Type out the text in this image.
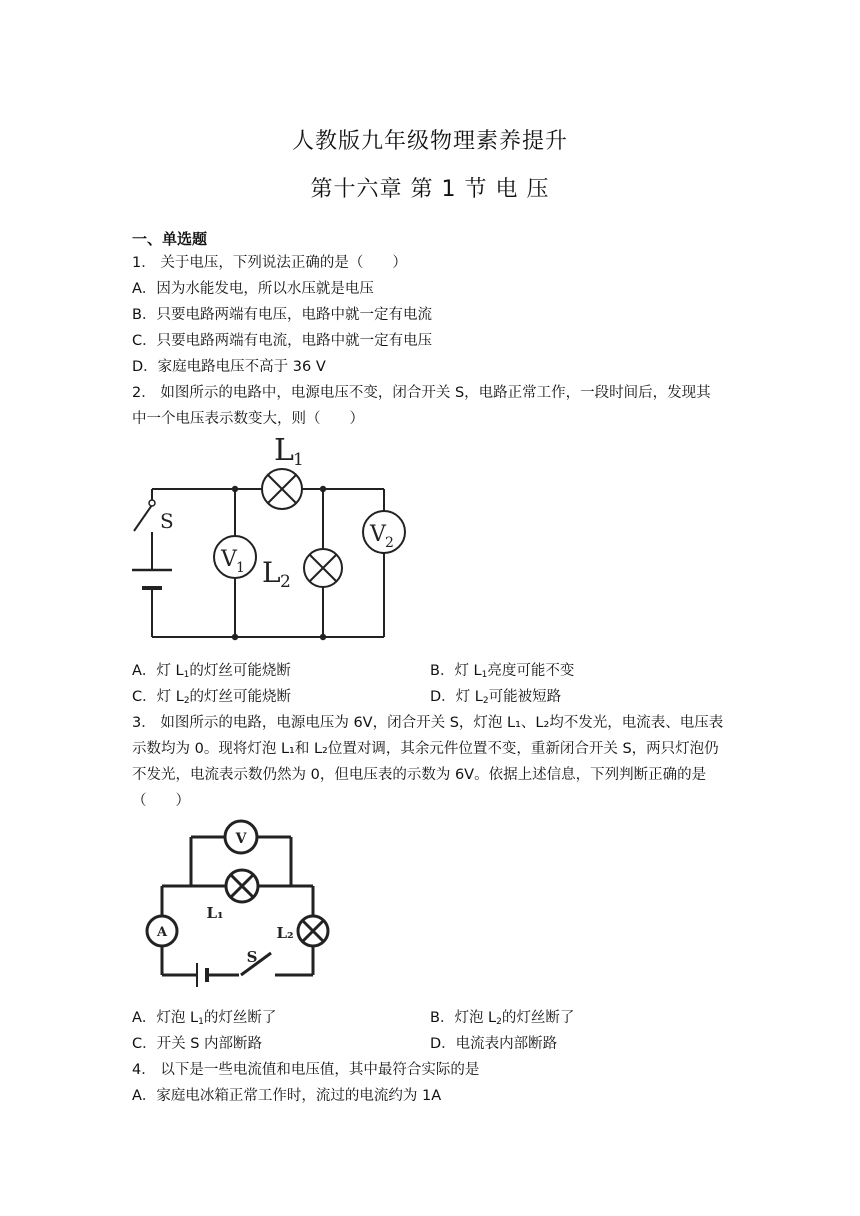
人教版九年级物理素养提升
第十六章 第 1 节 电 压
一、单选题
1． 关于电压，下列说法正确的是（　　）
A．因为水能发电，所以水压就是电压
B．只要电路两端有电压，电路中就一定有电流
C．只要电路两端有电流，电路中就一定有电压
D．家庭电路电压不高于 36 V
2． 如图所示的电路中，电源电压不变，闭合开关 S，电路正常工作，一段时间后，发现其
中一个电压表示数变大，则（　　）
L 1
S
L 2
V 1
V 2
A．灯 $L_1$的灯丝可能烧断	B．灯 $L_1$亮度可能不变
C．灯 $L_2$的灯丝可能烧断	D．灯 $L_2$可能被短路
3． 如图所示的电路，电源电压为 6V，闭合开关 S，灯泡 L₁、L₂均不发光，电流表、电压表
示数均为 0。现将灯泡 L₁和 L₂位置对调，其余元件位置不变，重新闭合开关 S，两只灯泡仍
不发光，电流表示数仍然为 0，但电压表的示数为 6V。依据上述信息，下列判断正确的是
（　　）
V
A
L₁
L₂
S
A．灯泡 $L_1$的灯丝断了	B．灯泡 $L_2$的灯丝断了
C．开关 S 内部断路	D．电流表内部断路
4． 以下是一些电流值和电压值，其中最符合实际的是
A．家庭电冰箱正常工作时，流过的电流约为 1A
